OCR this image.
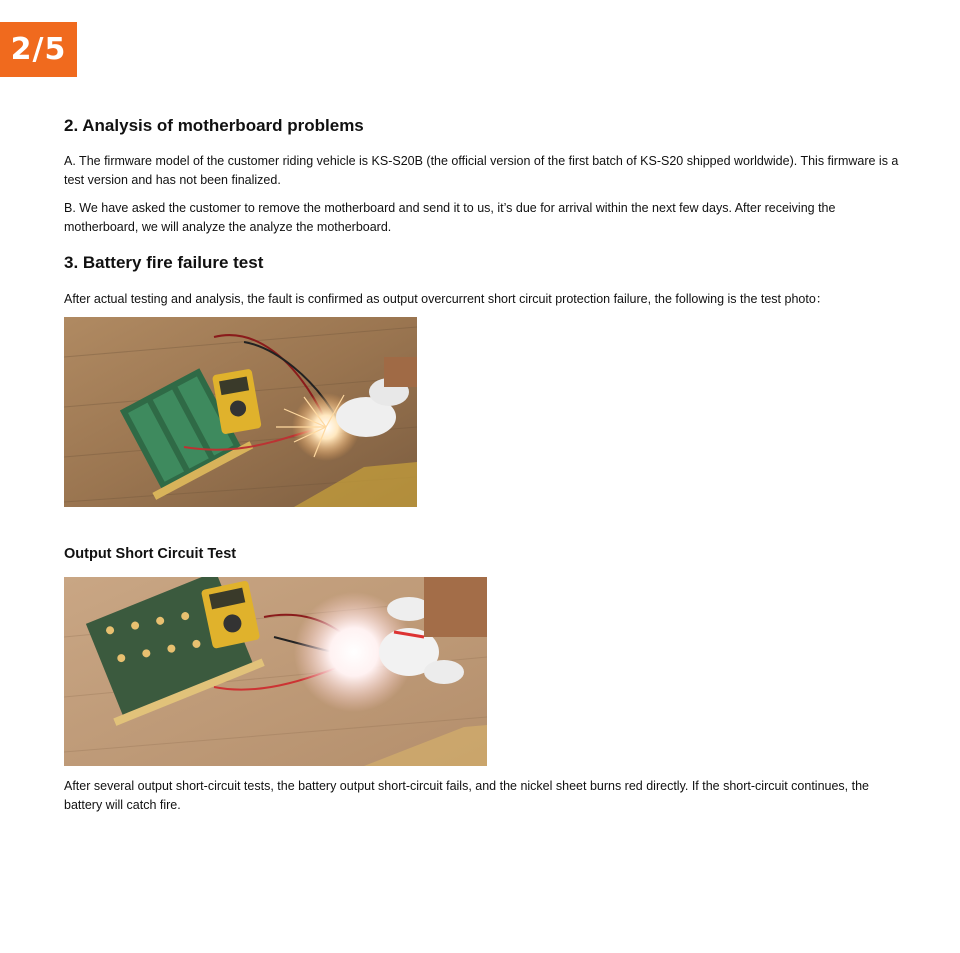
2/5
2. Analysis of motherboard problems

A. The firmware model of the customer riding vehicle is KS-S20B (the official version of the first batch of KS-S20 shipped worldwide). This firmware is a test version and has not been finalized.

B. We have asked the customer to remove the motherboard and send it to us, it’s due for arrival within the next few days. After receiving the motherboard, we will analyze the analyze the motherboard.

3. Battery fire failure test

After actual testing and analysis, the fault is confirmed as output overcurrent short circuit protection failure, the following is the test photo：

Output Short Circuit Test

After several output short-circuit tests, the battery output short-circuit fails, and the nickel sheet burns red directly. If the short-circuit continues, the battery will catch fire.
